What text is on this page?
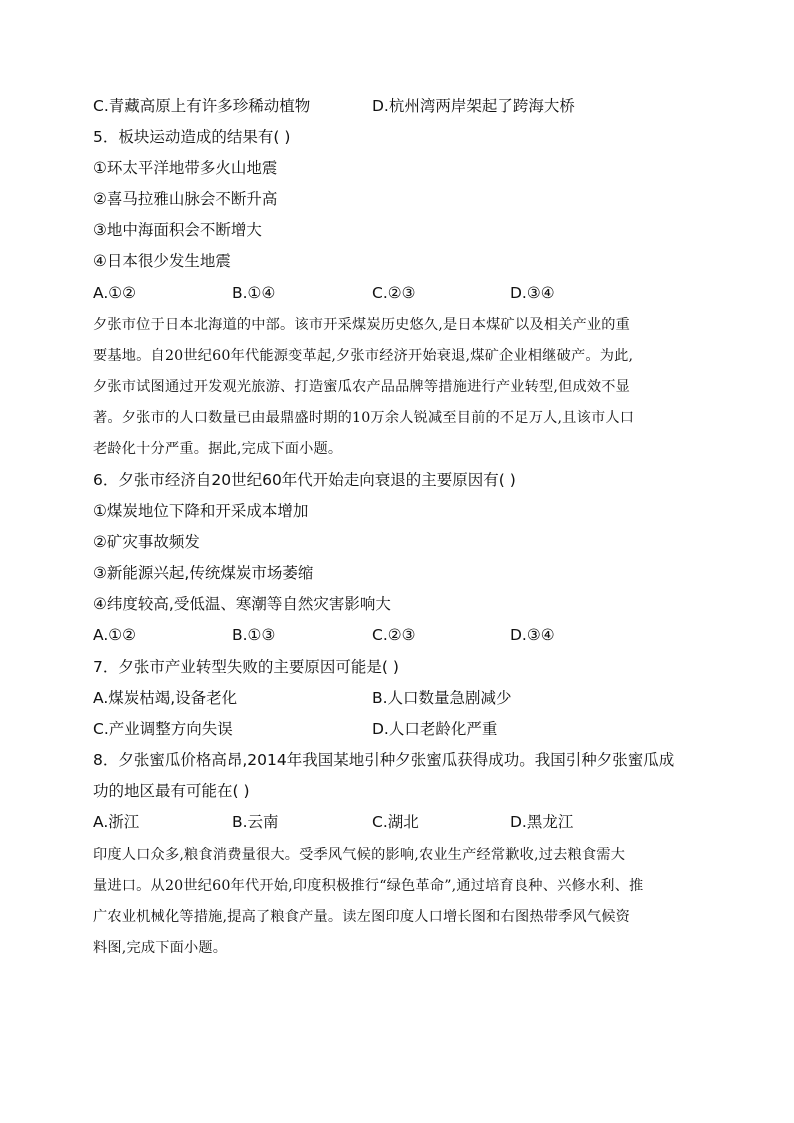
C.青藏高原上有许多珍稀动植物	D.杭州湾两岸架起了跨海大桥
5．板块运动造成的结果有( )
①环太平洋地带多火山地震
②喜马拉雅山脉会不断升高
③地中海面积会不断增大
④日本很少发生地震
A.①②	B.①④	C.②③	D.③④
夕张市位于日本北海道的中部。该市开采煤炭历史悠久,是日本煤矿以及相关产业的重
要基地。自20世纪60年代能源变革起,夕张市经济开始衰退,煤矿企业相继破产。为此,
夕张市试图通过开发观光旅游、打造蜜瓜农产品品牌等措施进行产业转型,但成效不显
著。夕张市的人口数量已由最鼎盛时期的10万余人锐减至目前的不足万人,且该市人口
老龄化十分严重。据此,完成下面小题。
6．夕张市经济自20世纪60年代开始走向衰退的主要原因有( )
①煤炭地位下降和开采成本增加
②矿灾事故频发
③新能源兴起,传统煤炭市场萎缩
④纬度较高,受低温、寒潮等自然灾害影响大
A.①②	B.①③	C.②③	D.③④
7．夕张市产业转型失败的主要原因可能是( )
A.煤炭枯竭,设备老化	B.人口数量急剧减少
C.产业调整方向失误	D.人口老龄化严重
8．夕张蜜瓜价格高昂,2014年我国某地引种夕张蜜瓜获得成功。我国引种夕张蜜瓜成
功的地区最有可能在( )
A.浙江	B.云南	C.湖北	D.黑龙江
印度人口众多,粮食消费量很大。受季风气候的影响,农业生产经常歉收,过去粮食需大
量进口。从20世纪60年代开始,印度积极推行“绿色革命”,通过培育良种、兴修水利、推
广农业机械化等措施,提高了粮食产量。读左图印度人口增长图和右图热带季风气候资
料图,完成下面小题。
